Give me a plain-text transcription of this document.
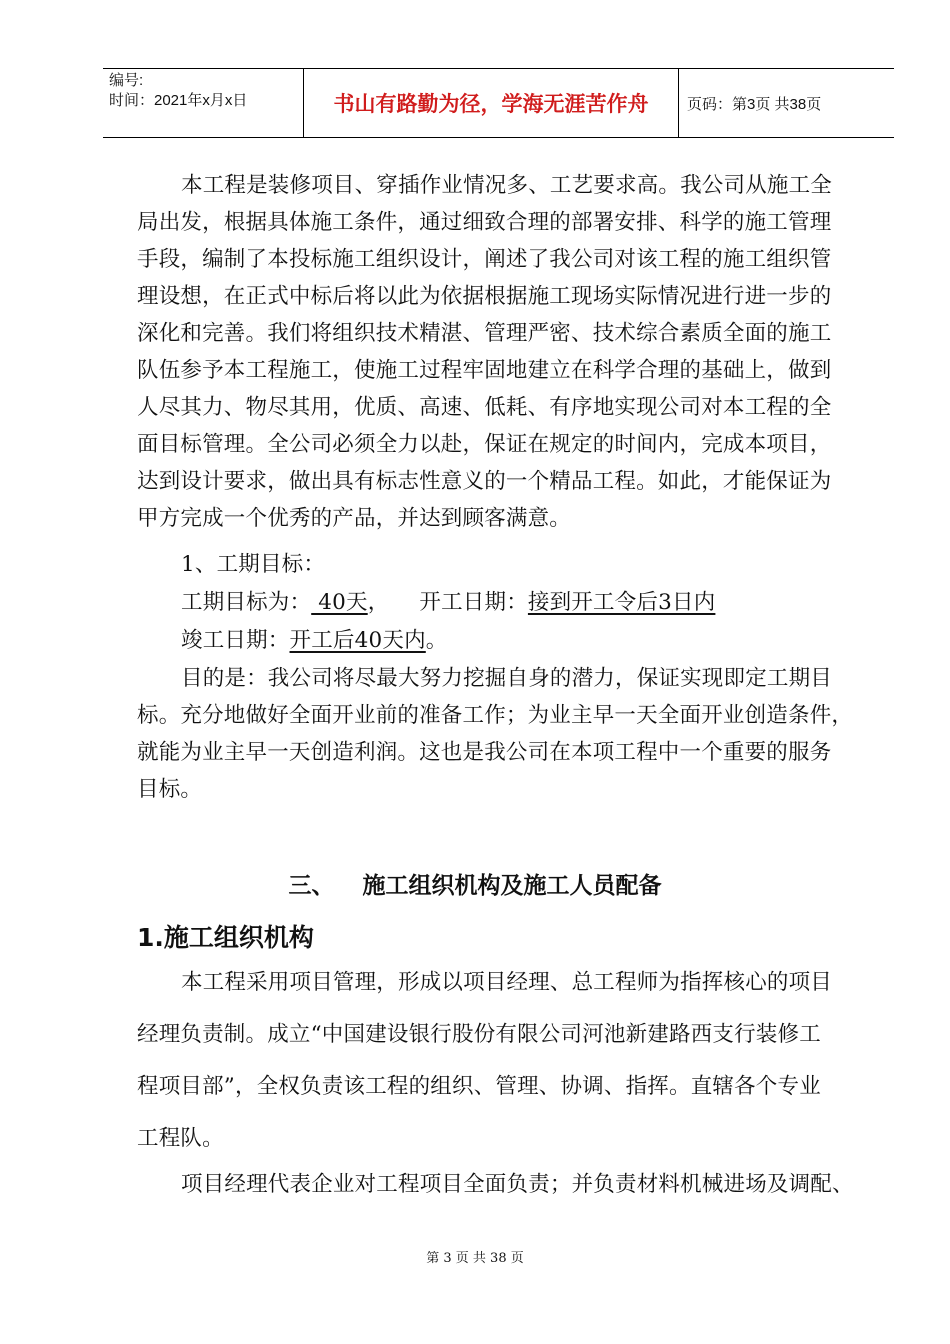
编号:
时间：2021年x月x日	书山有路勤为径，学海无涯苦作舟	页码：第3页 共38页
本工程是装修项目、穿插作业情况多、工艺要求高。我公司从施工全
局出发，根据具体施工条件，通过细致合理的部署安排、科学的施工管理
手段，编制了本投标施工组织设计，阐述了我公司对该工程的施工组织管
理设想，在正式中标后将以此为依据根据施工现场实际情况进行进一步的
深化和完善。我们将组织技术精湛、管理严密、技术综合素质全面的施工
队伍参予本工程施工，使施工过程牢固地建立在科学合理的基础上，做到
人尽其力、物尽其用，优质、高速、低耗、有序地实现公司对本工程的全
面目标管理。全公司必须全力以赴，保证在规定的时间内，完成本项目，
达到设计要求，做出具有标志性意义的一个精品工程。如此，才能保证为
甲方完成一个优秀的产品，并达到顾客满意。
1、工期目标：
工期目标为： 40天， 开工日期：接到开工令后3日内
竣工日期：开工后40天内。
目的是：我公司将尽最大努力挖掘自身的潜力，保证实现即定工期目
标。充分地做好全面开业前的准备工作；为业主早一天全面开业创造条件，
就能为业主早一天创造利润。这也是我公司在本项工程中一个重要的服务
目标。
本工程采用项目管理，形成以项目经理、总工程师为指挥核心的项目
经理负责制。成立“中国建设银行股份有限公司河池新建路西支行装修工
程项目部”，全权负责该工程的组织、管理、协调、指挥。直辖各个专业
工程队。
项目经理代表企业对工程项目全面负责；并负责材料机械进场及调配、
三、 施工组织机构及施工人员配备
1.施工组织机构
第 3 页 共 38 页
